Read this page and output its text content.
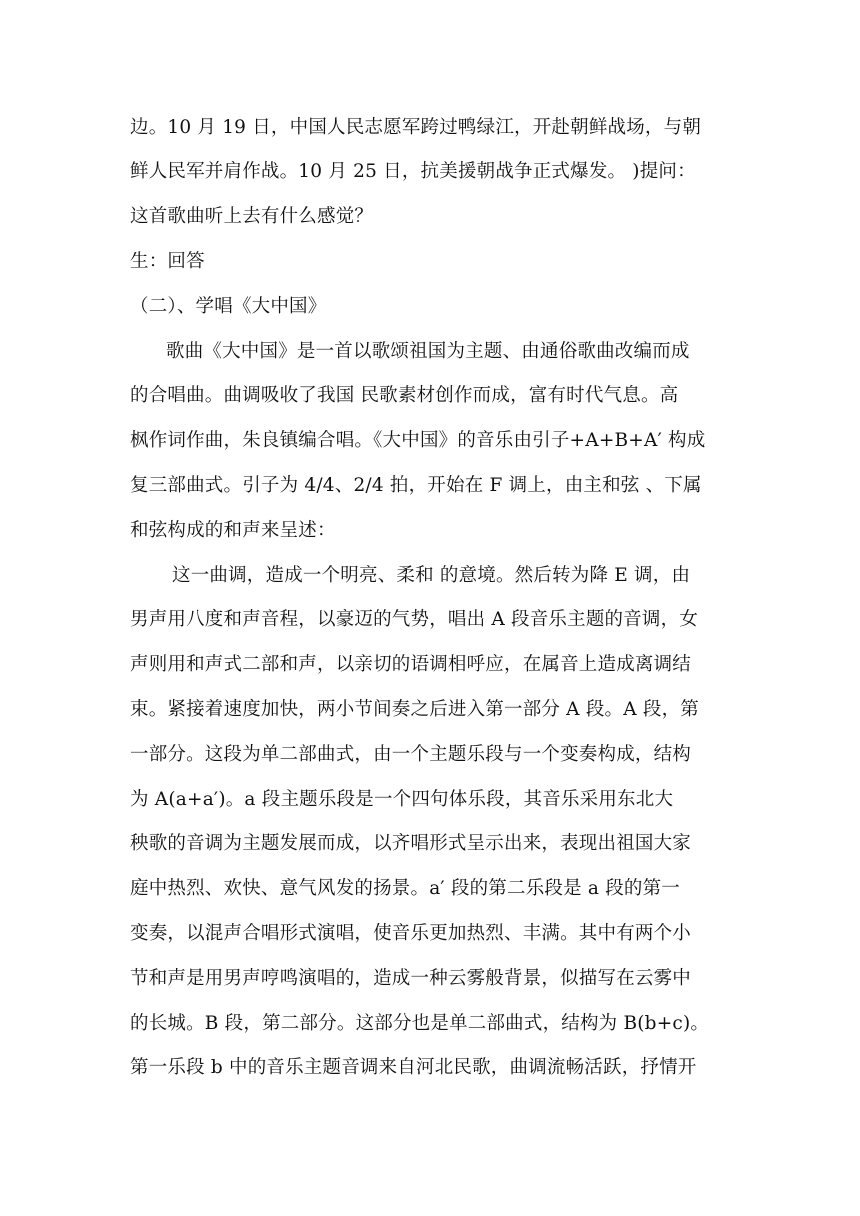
边。10 月 19 日，中国人民志愿军跨过鸭绿江，开赴朝鲜战场，与朝
鲜人民军并肩作战。10 月 25 日，抗美援朝战争正式爆发。 )提问：
这首歌曲听上去有什么感觉？
生：回答
（二）、学唱《大中国》
歌曲《大中国》是一首以歌颂祖国为主题、由通俗歌曲改编而成
的合唱曲。曲调吸收了我国 民歌素材创作而成，富有时代气息。高
枫作词作曲，朱良镇编合唱。《大中国》的音乐由引子+A+B+A′ 构成
复三部曲式。引子为 4/4、2/4 拍，开始在 F 调上，由主和弦 、下属
和弦构成的和声来呈述：
这一曲调，造成一个明亮、柔和 的意境。然后转为降 E 调，由
男声用八度和声音程，以豪迈的气势，唱出 A 段音乐主题的音调，女
声则用和声式二部和声，以亲切的语调相呼应，在属音上造成离调结
束。紧接着速度加快，两小节间奏之后进入第一部分 A 段。A 段，第
一部分。这段为单二部曲式，由一个主题乐段与一个变奏构成，结构
为 A(a+a′)。a 段主题乐段是一个四句体乐段，其音乐采用东北大
秧歌的音调为主题发展而成，以齐唱形式呈示出来，表现出祖国大家
庭中热烈、欢快、意气风发的扬景。a′ 段的第二乐段是 a 段的第一
变奏，以混声合唱形式演唱，使音乐更加热烈、丰满。其中有两个小
节和声是用男声哼鸣演唱的，造成一种云雾般背景，似描写在云雾中
的长城。B 段，第二部分。这部分也是单二部曲式，结构为 B(b+c)。
第一乐段 b 中的音乐主题音调来自河北民歌，曲调流畅活跃，抒情开
